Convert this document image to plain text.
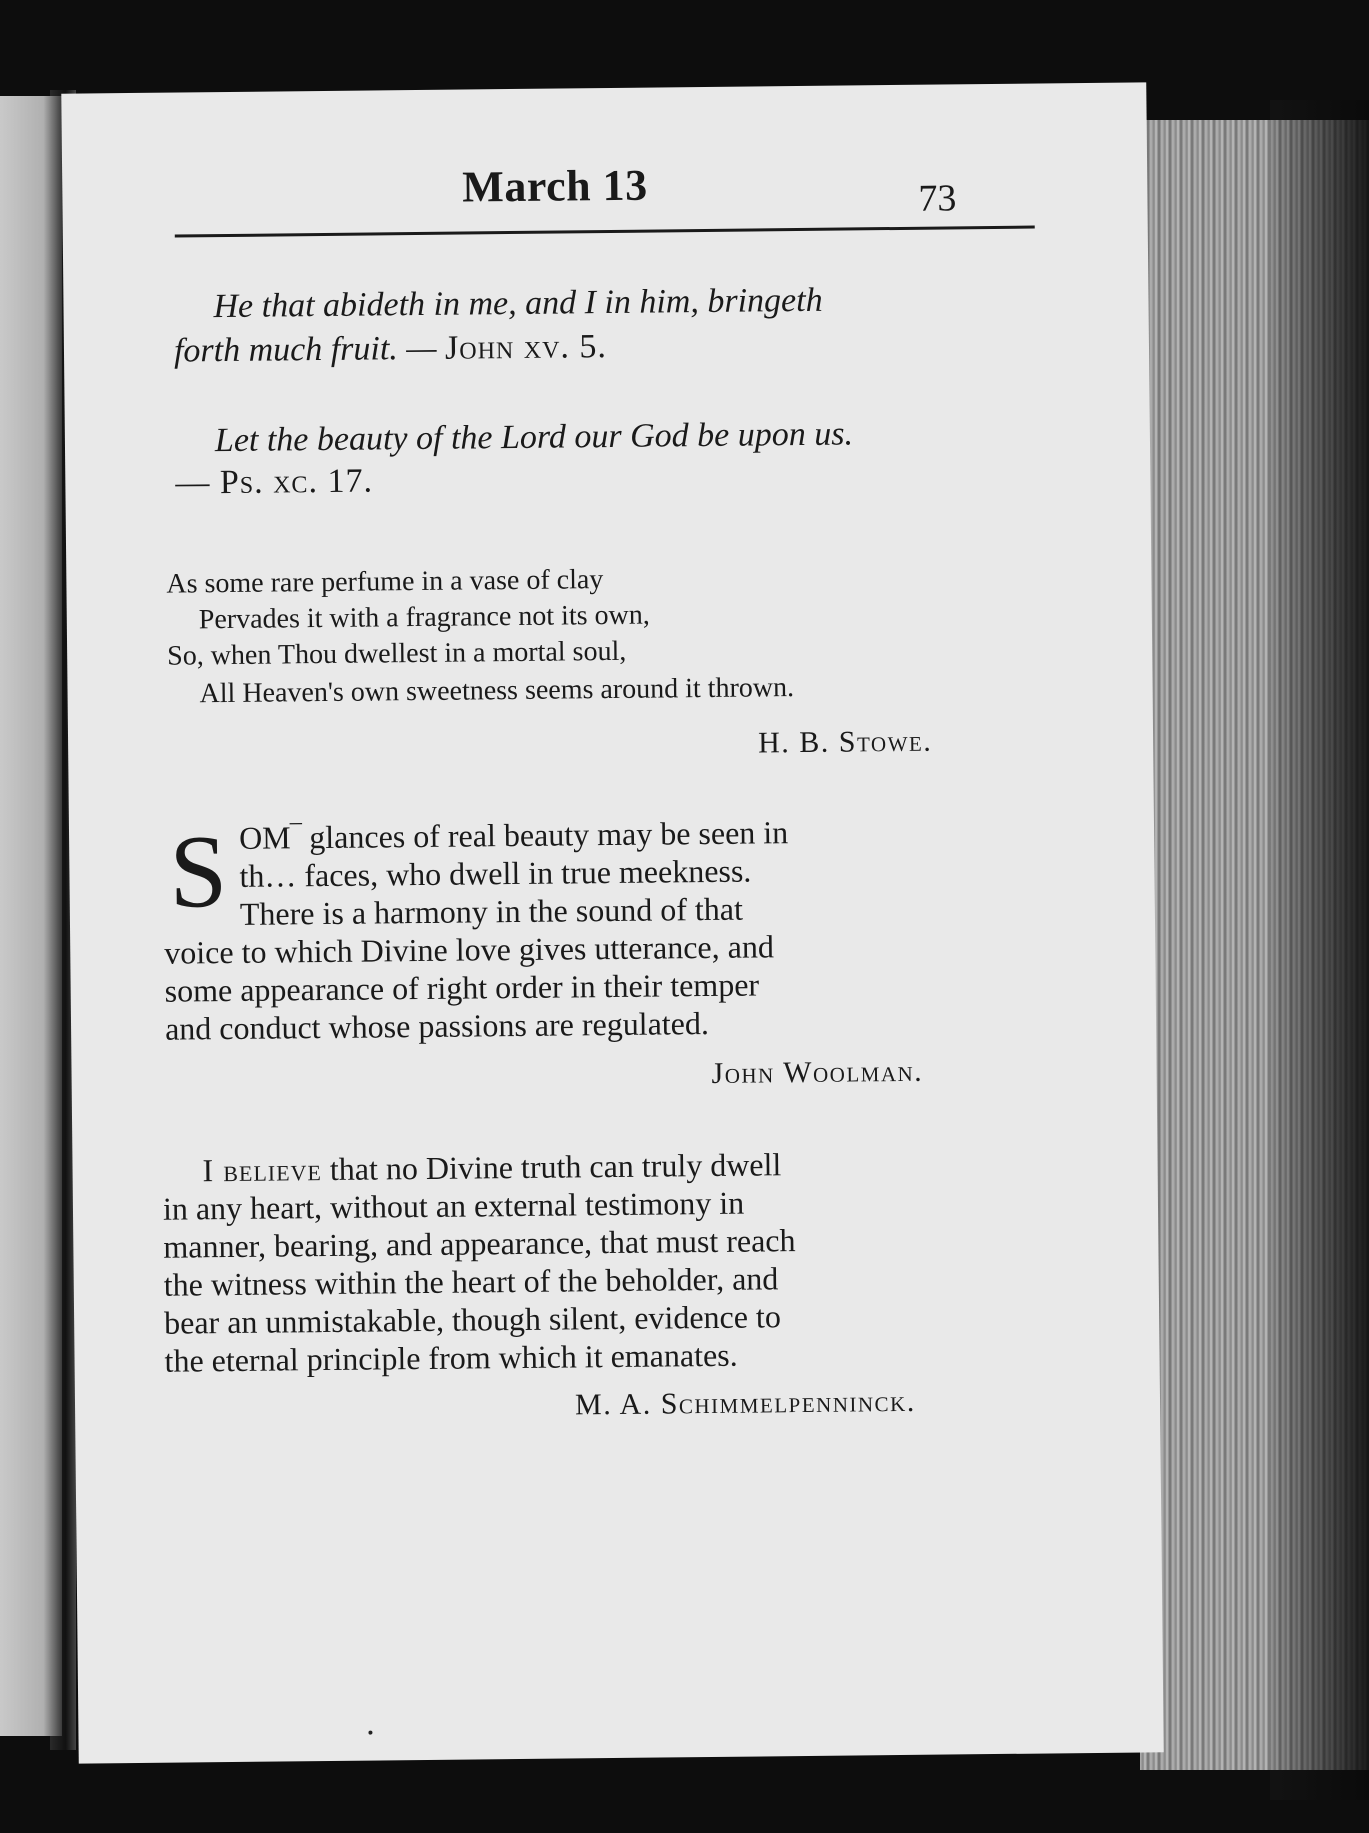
March 13	73
He that abideth in me, and I in him, bringeth
forth much fruit. — John xv. 5.
Let the beauty of the Lord our God be upon us.
— Ps. xc. 17.
As some rare perfume in a vase of clay
Pervades it with a fragrance not its own,
So, when Thou dwellest in a mortal soul,
All Heaven's own sweetness seems around it thrown.
H. B. Stowe.
S OM‾ glances of real beauty may be seen in
th… faces, who dwell in true meekness.
There is a harmony in the sound of that
voice to which Divine love gives utterance, and
some appearance of right order in their temper
and conduct whose passions are regulated.
John Woolman.
I believe that no Divine truth can truly dwell
in any heart, without an external testimony in
manner, bearing, and appearance, that must reach
the witness within the heart of the beholder, and
bear an unmistakable, though silent, evidence to
the eternal principle from which it emanates.
M. A. Schimmelpenninck.
